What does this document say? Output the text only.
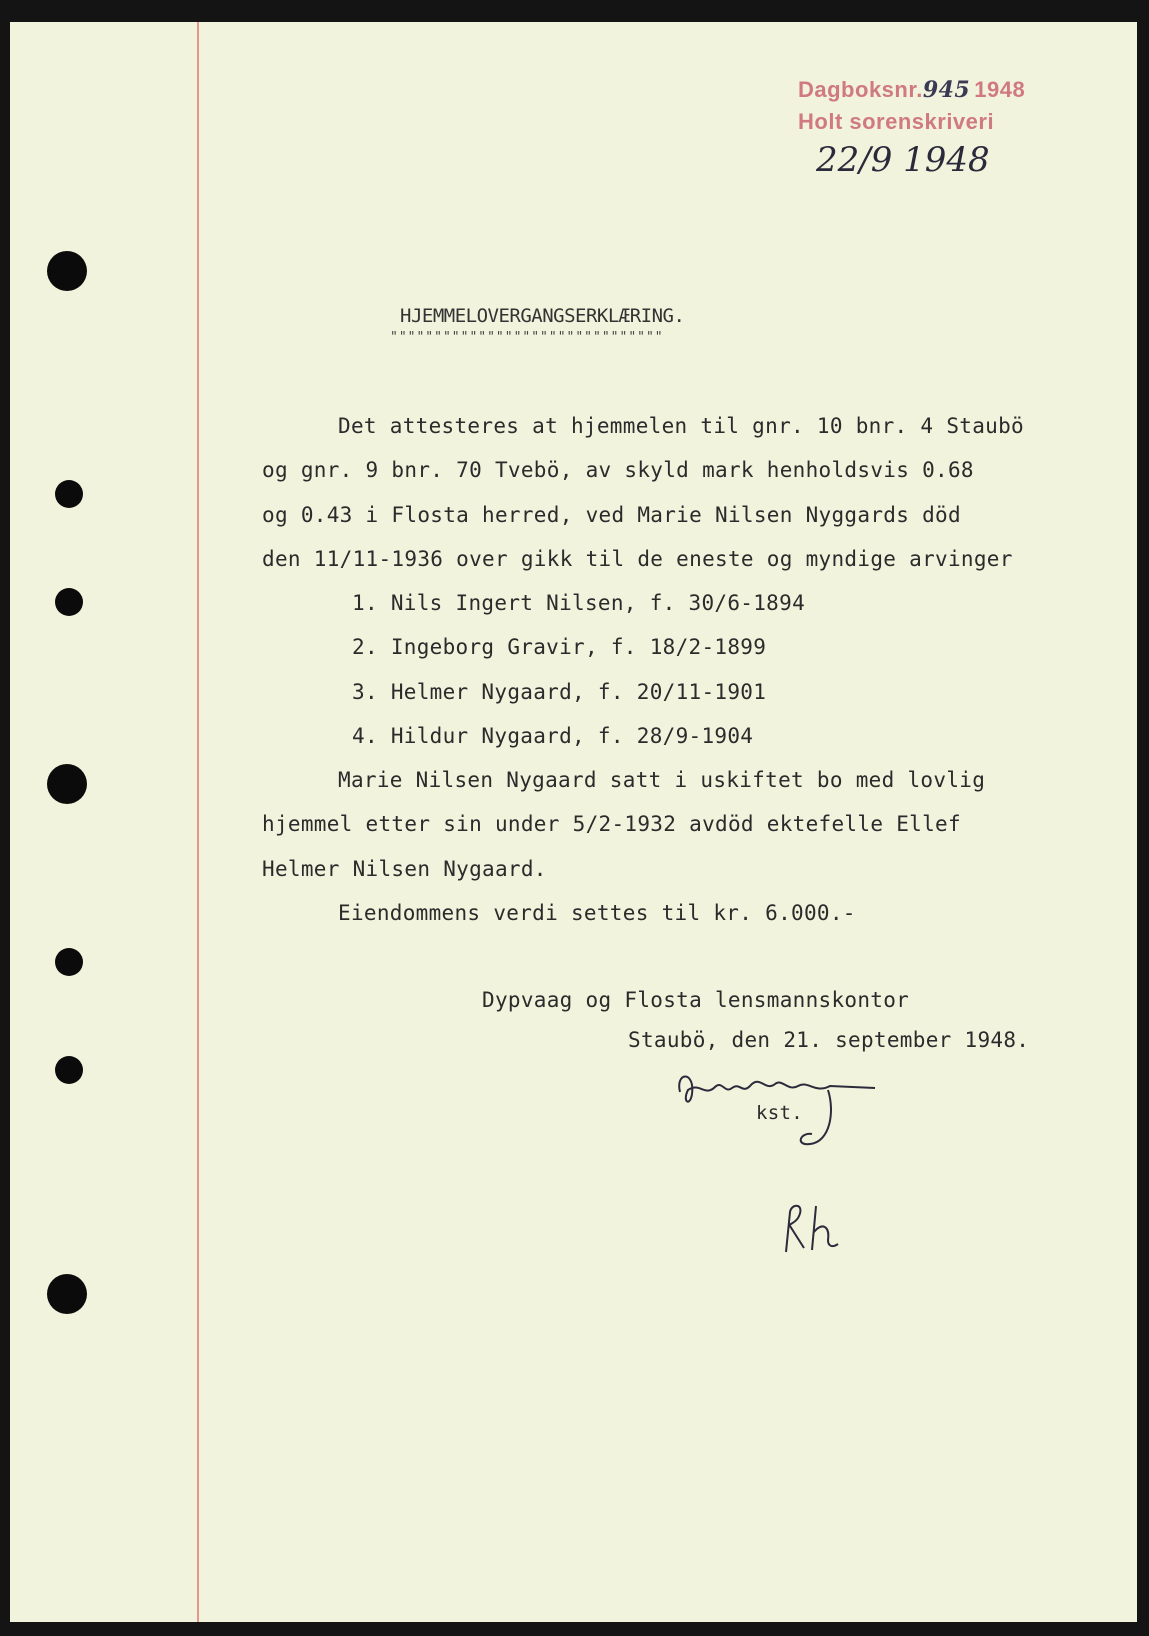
Dagboksnr.945 1948
Holt sorenskriveri
22/9 1948
HJEMMELOVERGANGSERKLÆRING.
"""""""""""""""""""""""""""""""
Det attesteres at hjemmelen til gnr. 10 bnr. 4 Staubö
og gnr. 9 bnr. 70 Tvebö, av skyld mark henholdsvis 0.68
og 0.43 i Flosta herred, ved Marie Nilsen Nyggards död
den 11/11-1936 over gikk til de eneste og myndige arvinger
1. Nils Ingert Nilsen, f. 30/6-1894
2. Ingeborg Gravir, f. 18/2-1899
3. Helmer Nygaard, f. 20/11-1901
4. Hildur Nygaard, f. 28/9-1904
Marie Nilsen Nygaard satt i uskiftet bo med lovlig
hjemmel etter sin under 5/2-1932 avdöd ektefelle Ellef
Helmer Nilsen Nygaard.
Eiendommens verdi settes til kr. 6.000.-
Dypvaag og Flosta lensmannskontor
Staubö, den 21. september 1948.
kst.
